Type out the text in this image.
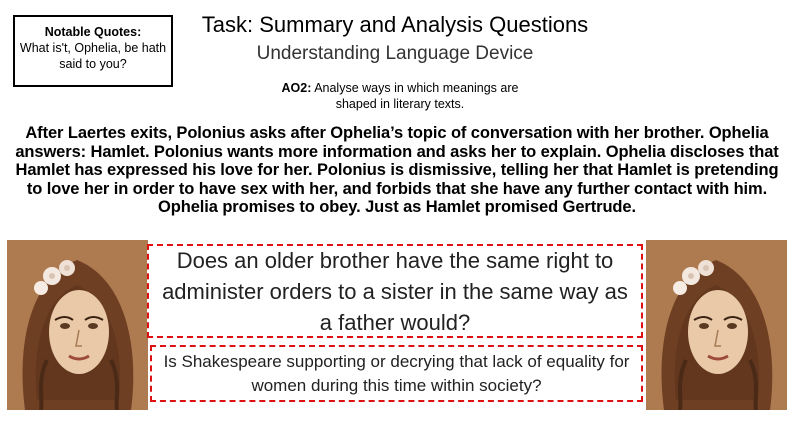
Notable Quotes:
What is't, Ophelia, be hath said to you?
Task: Summary and Analysis Questions
Understanding Language Device
AO2: Analyse ways in which meanings are shaped in literary texts.
After Laertes exits, Polonius asks after Ophelia’s topic of conversation with her brother. Ophelia answers: Hamlet. Polonius wants more information and asks her to explain. Ophelia discloses that Hamlet has expressed his love for her. Polonius is dismissive, telling her that Hamlet is pretending to love her in order to have sex with her, and forbids that she have any further contact with him. Ophelia promises to obey. Just as Hamlet promised Gertrude.
Does an older brother have the same right to administer orders to a sister in the same way as a father would?
Is Shakespeare supporting or decrying that lack of equality for women during this time within society?
